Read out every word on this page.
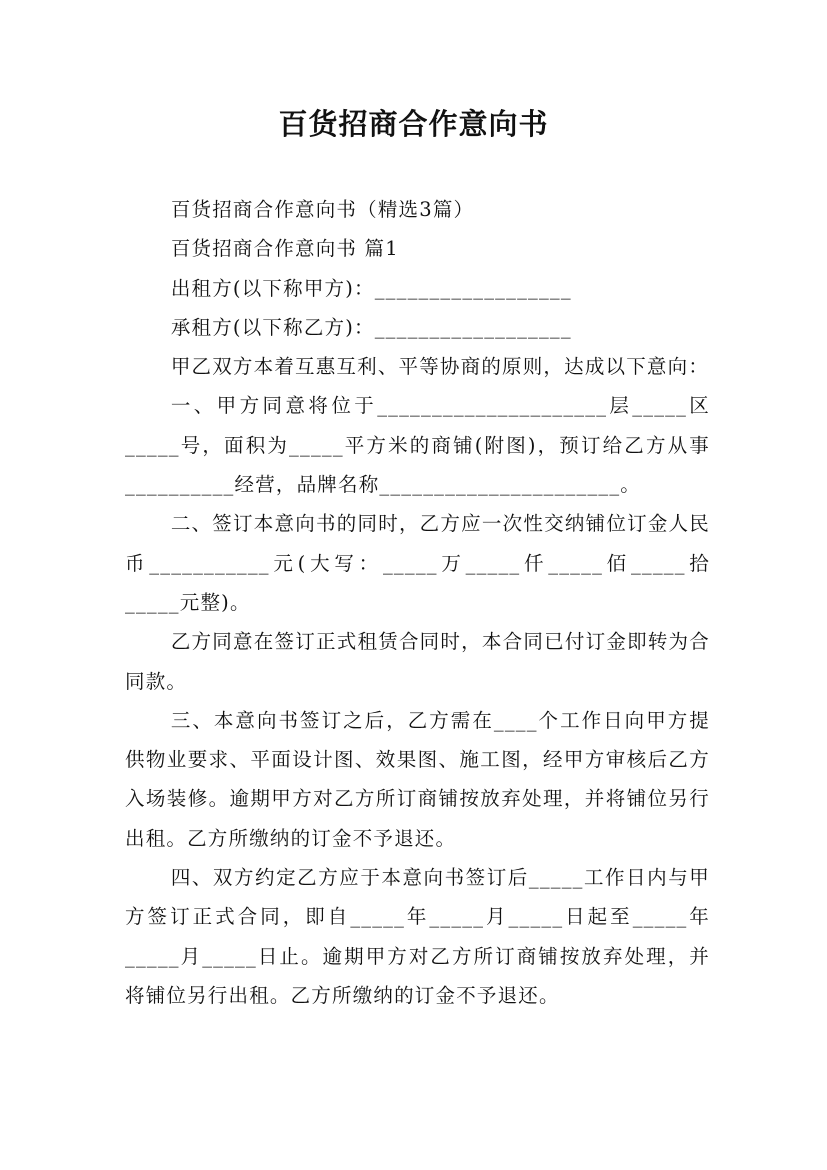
百货招商合作意向书

百货招商合作意向书（精选3篇）

百货招商合作意向书 篇1

出租方(以下称甲方)：__________________

承租方(以下称乙方)：__________________

甲乙双方本着互惠互利、平等协商的原则，达成以下意向：

一、甲方同意将位于_____________________层_____区_____号，面积为_____平方米的商铺(附图)，预订给乙方从事__________经营，品牌名称______________________。

二、签订本意向书的同时，乙方应一次性交纳铺位订金人民币___________元(大写：_____万_____仟_____佰_____拾_____元整)。

乙方同意在签订正式租赁合同时，本合同已付订金即转为合同款。

三、本意向书签订之后，乙方需在____个工作日向甲方提供物业要求、平面设计图、效果图、施工图，经甲方审核后乙方入场装修。逾期甲方对乙方所订商铺按放弃处理，并将铺位另行出租。乙方所缴纳的订金不予退还。

四、双方约定乙方应于本意向书签订后_____工作日内与甲方签订正式合同，即自_____年_____月_____日起至_____年_____月_____日止。逾期甲方对乙方所订商铺按放弃处理，并将铺位另行出租。乙方所缴纳的订金不予退还。
